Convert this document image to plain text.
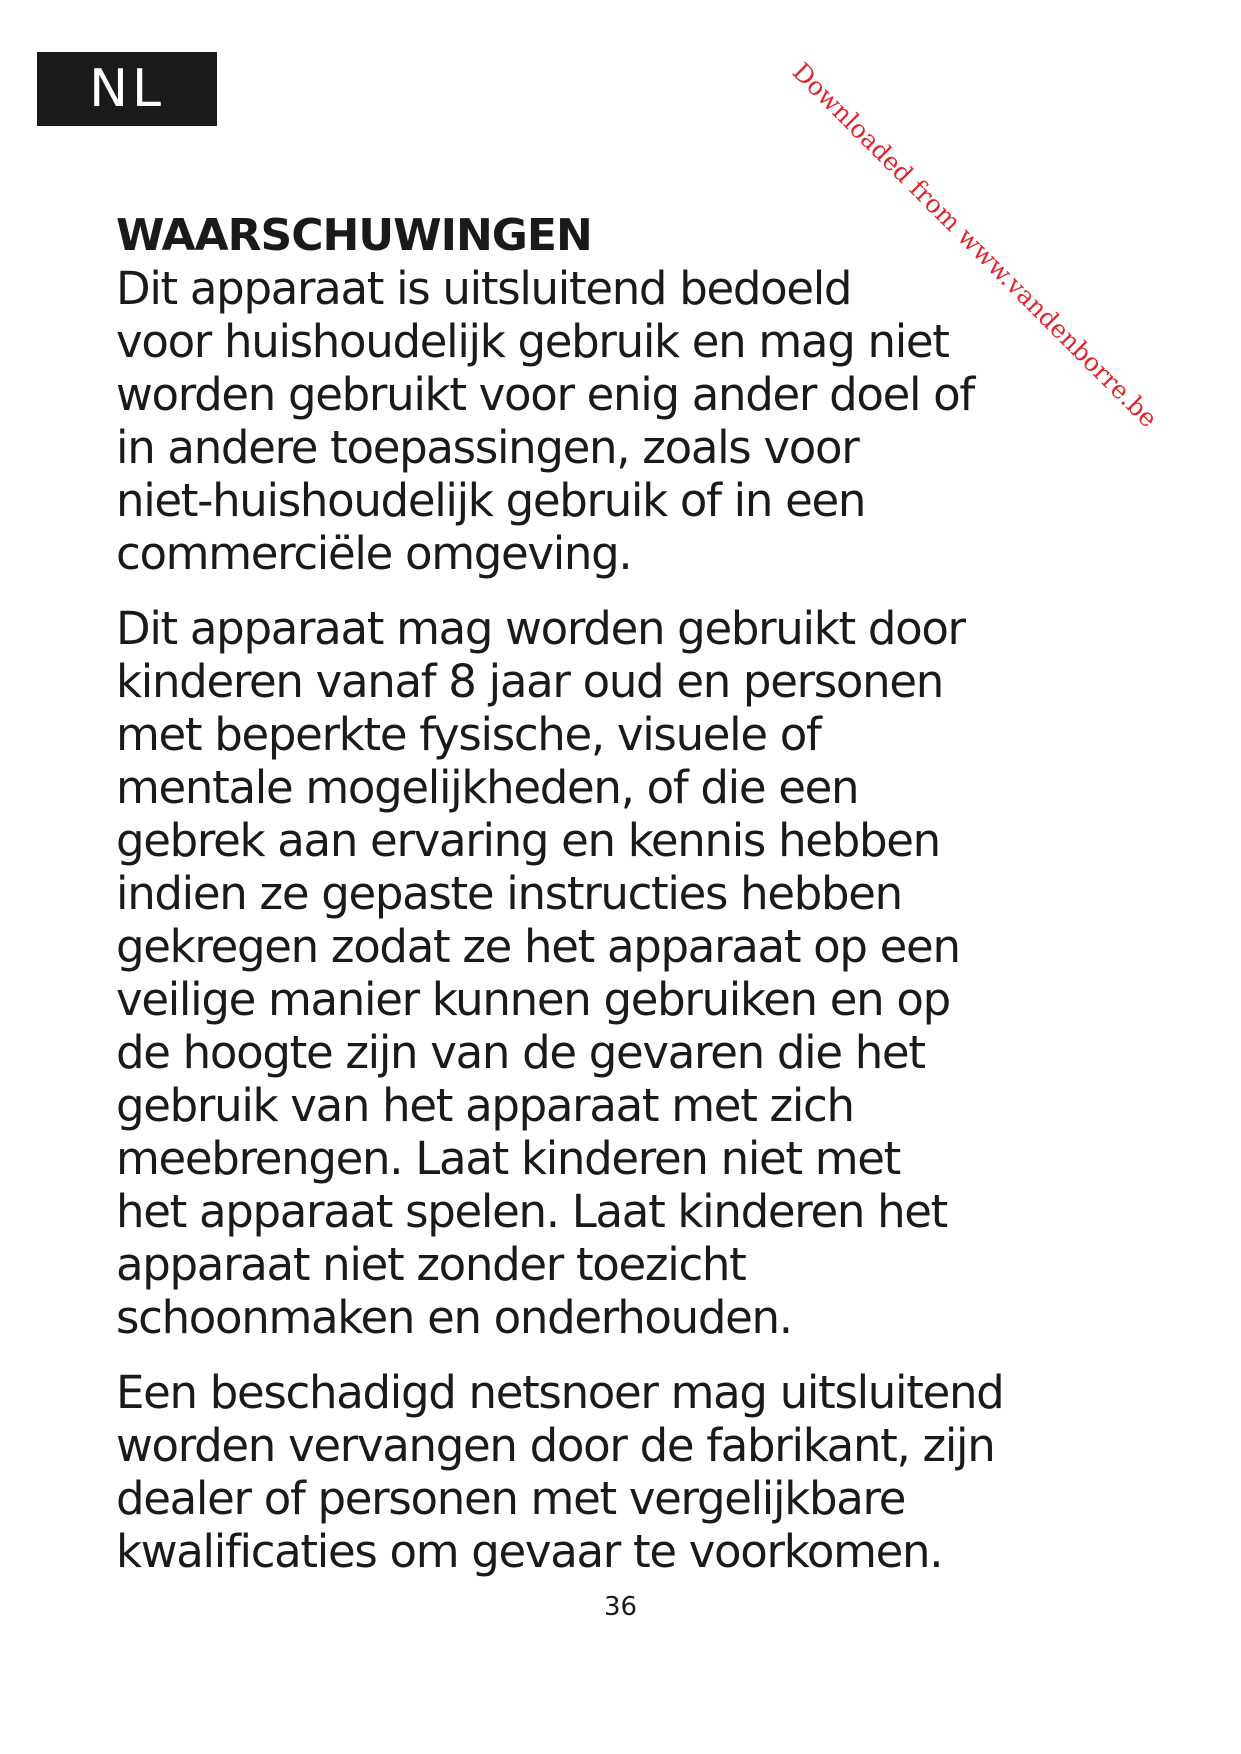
NL	Downloaded from www.vandenborre.be
WAARSCHUWINGEN

Dit apparaat is uitsluitend bedoeld
voor huishoudelijk gebruik en mag niet
worden gebruikt voor enig ander doel of
in andere toepassingen, zoals voor
niet-huishoudelijk gebruik of in een
commerciële omgeving.

Dit apparaat mag worden gebruikt door
kinderen vanaf 8 jaar oud en personen
met beperkte fysische, visuele of
mentale mogelijkheden, of die een
gebrek aan ervaring en kennis hebben
indien ze gepaste instructies hebben
gekregen zodat ze het apparaat op een
veilige manier kunnen gebruiken en op
de hoogte zijn van de gevaren die het
gebruik van het apparaat met zich
meebrengen. Laat kinderen niet met
het apparaat spelen. Laat kinderen het
apparaat niet zonder toezicht
schoonmaken en onderhouden.

Een beschadigd netsnoer mag uitsluitend
worden vervangen door de fabrikant, zijn
dealer of personen met vergelijkbare
kwalificaties om gevaar te voorkomen.

36
